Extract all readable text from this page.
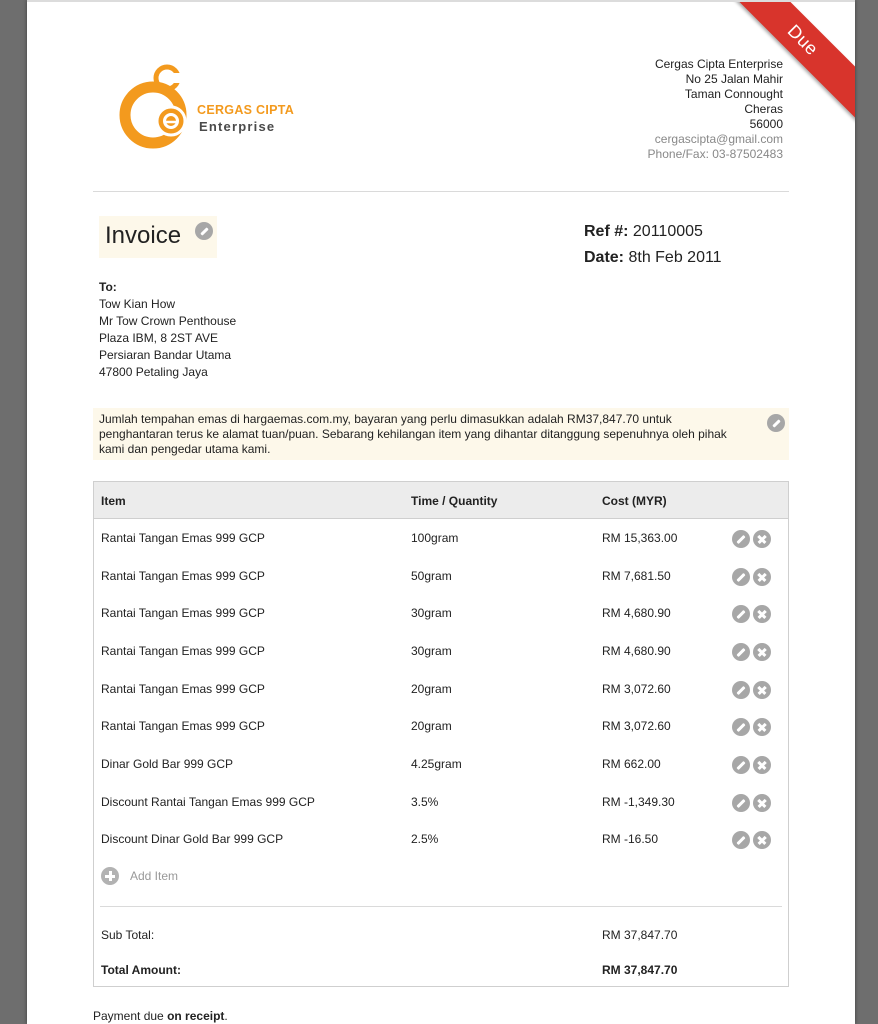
Due
CERGAS CIPTA
Enterprise
Cergas Cipta Enterprise
No 25 Jalan Mahir
Taman Connought
Cheras
56000
cergascipta@gmail.com
Phone/Fax: 03-87502483
Invoice	Ref #: 20110005
Date: 8th Feb 2011
To:
Tow Kian How
Mr Tow Crown Penthouse
Plaza IBM, 8 2ST AVE
Persiaran Bandar Utama
47800 Petaling Jaya
Jumlah tempahan emas di hargaemas.com.my, bayaran yang perlu dimasukkan adalah RM37,847.70 untuk penghantaran terus ke alamat tuan/puan. Sebarang kehilangan item yang dihantar ditanggung sepenuhnya oleh pihak kami dan pengedar utama kami.
Item	Time / Quantity	Cost (MYR)
Rantai Tangan Emas 999 GCP	100gram	RM 15,363.00
Rantai Tangan Emas 999 GCP	50gram	RM 7,681.50
Rantai Tangan Emas 999 GCP	30gram	RM 4,680.90
Rantai Tangan Emas 999 GCP	30gram	RM 4,680.90
Rantai Tangan Emas 999 GCP	20gram	RM 3,072.60
Rantai Tangan Emas 999 GCP	20gram	RM 3,072.60
Dinar Gold Bar 999 GCP	4.25gram	RM 662.00
Discount Rantai Tangan Emas 999 GCP	3.5%	RM -1,349.30
Discount Dinar Gold Bar 999 GCP	2.5%	RM -16.50
Add Item
Sub Total:	RM 37,847.70
Total Amount:	RM 37,847.70
Payment due on receipt.
